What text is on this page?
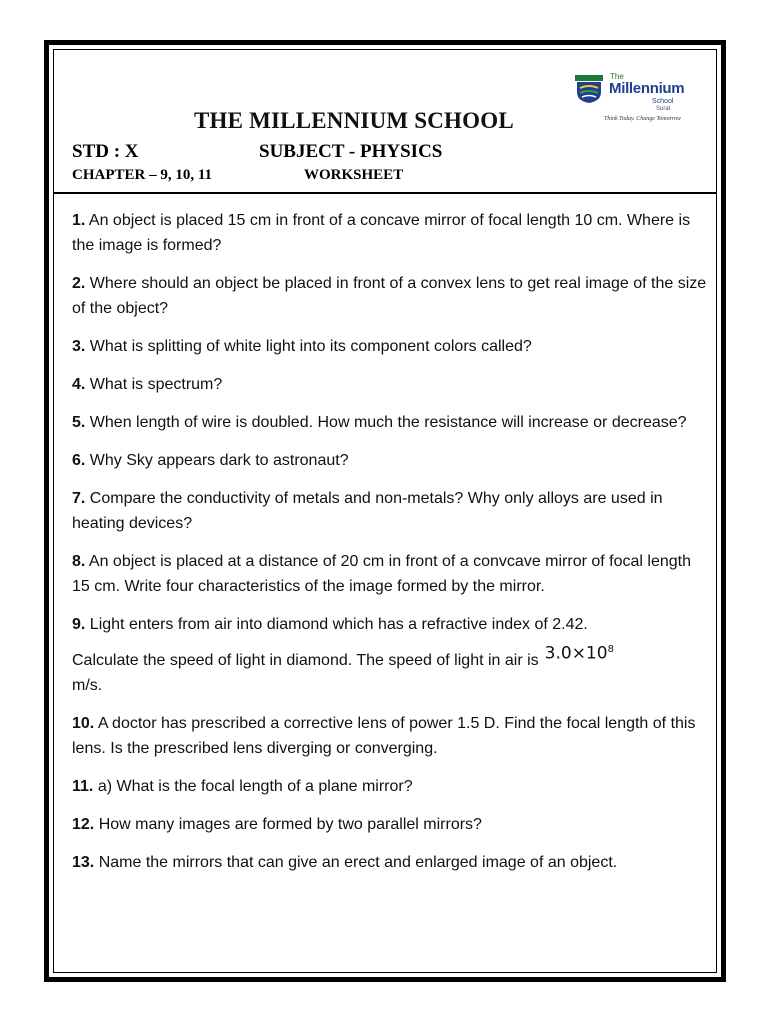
The
Millennium
School
Surat
Think Today. Change Tomorrow
THE MILLENNIUM SCHOOL
STD : X	SUBJECT - PHYSICS
CHAPTER – 9, 10, 11	WORKSHEET

1. An object is placed 15 cm in front of a concave mirror of focal length 10 cm. Where is the image is formed?

2. Where should an object be placed in front of a convex lens to get real image of the size of the object?

3. What is splitting of white light into its component colors called?

4. What is spectrum?

5. When length of wire is doubled. How much the resistance will increase or decrease?

6. Why Sky appears dark to astronaut?

7. Compare the conductivity of metals and non-metals? Why only alloys are used in heating devices?

8. An object is placed at a distance of 20 cm in front of a convcave mirror of focal length 15 cm. Write four characteristics of the image formed by the mirror.

9. Light enters from air into diamond which has a refractive index of 2.42.
Calculate the speed of light in diamond. The speed of light in air is $3.0\times 10^8$
m/s.

10. A doctor has prescribed a corrective lens of power 1.5 D. Find the focal length of this lens. Is the prescribed lens diverging or converging.

11. a) What is the focal length of a plane mirror?

12. How many images are formed by two parallel mirrors?

13. Name the mirrors that can give an erect and enlarged image of an object.
